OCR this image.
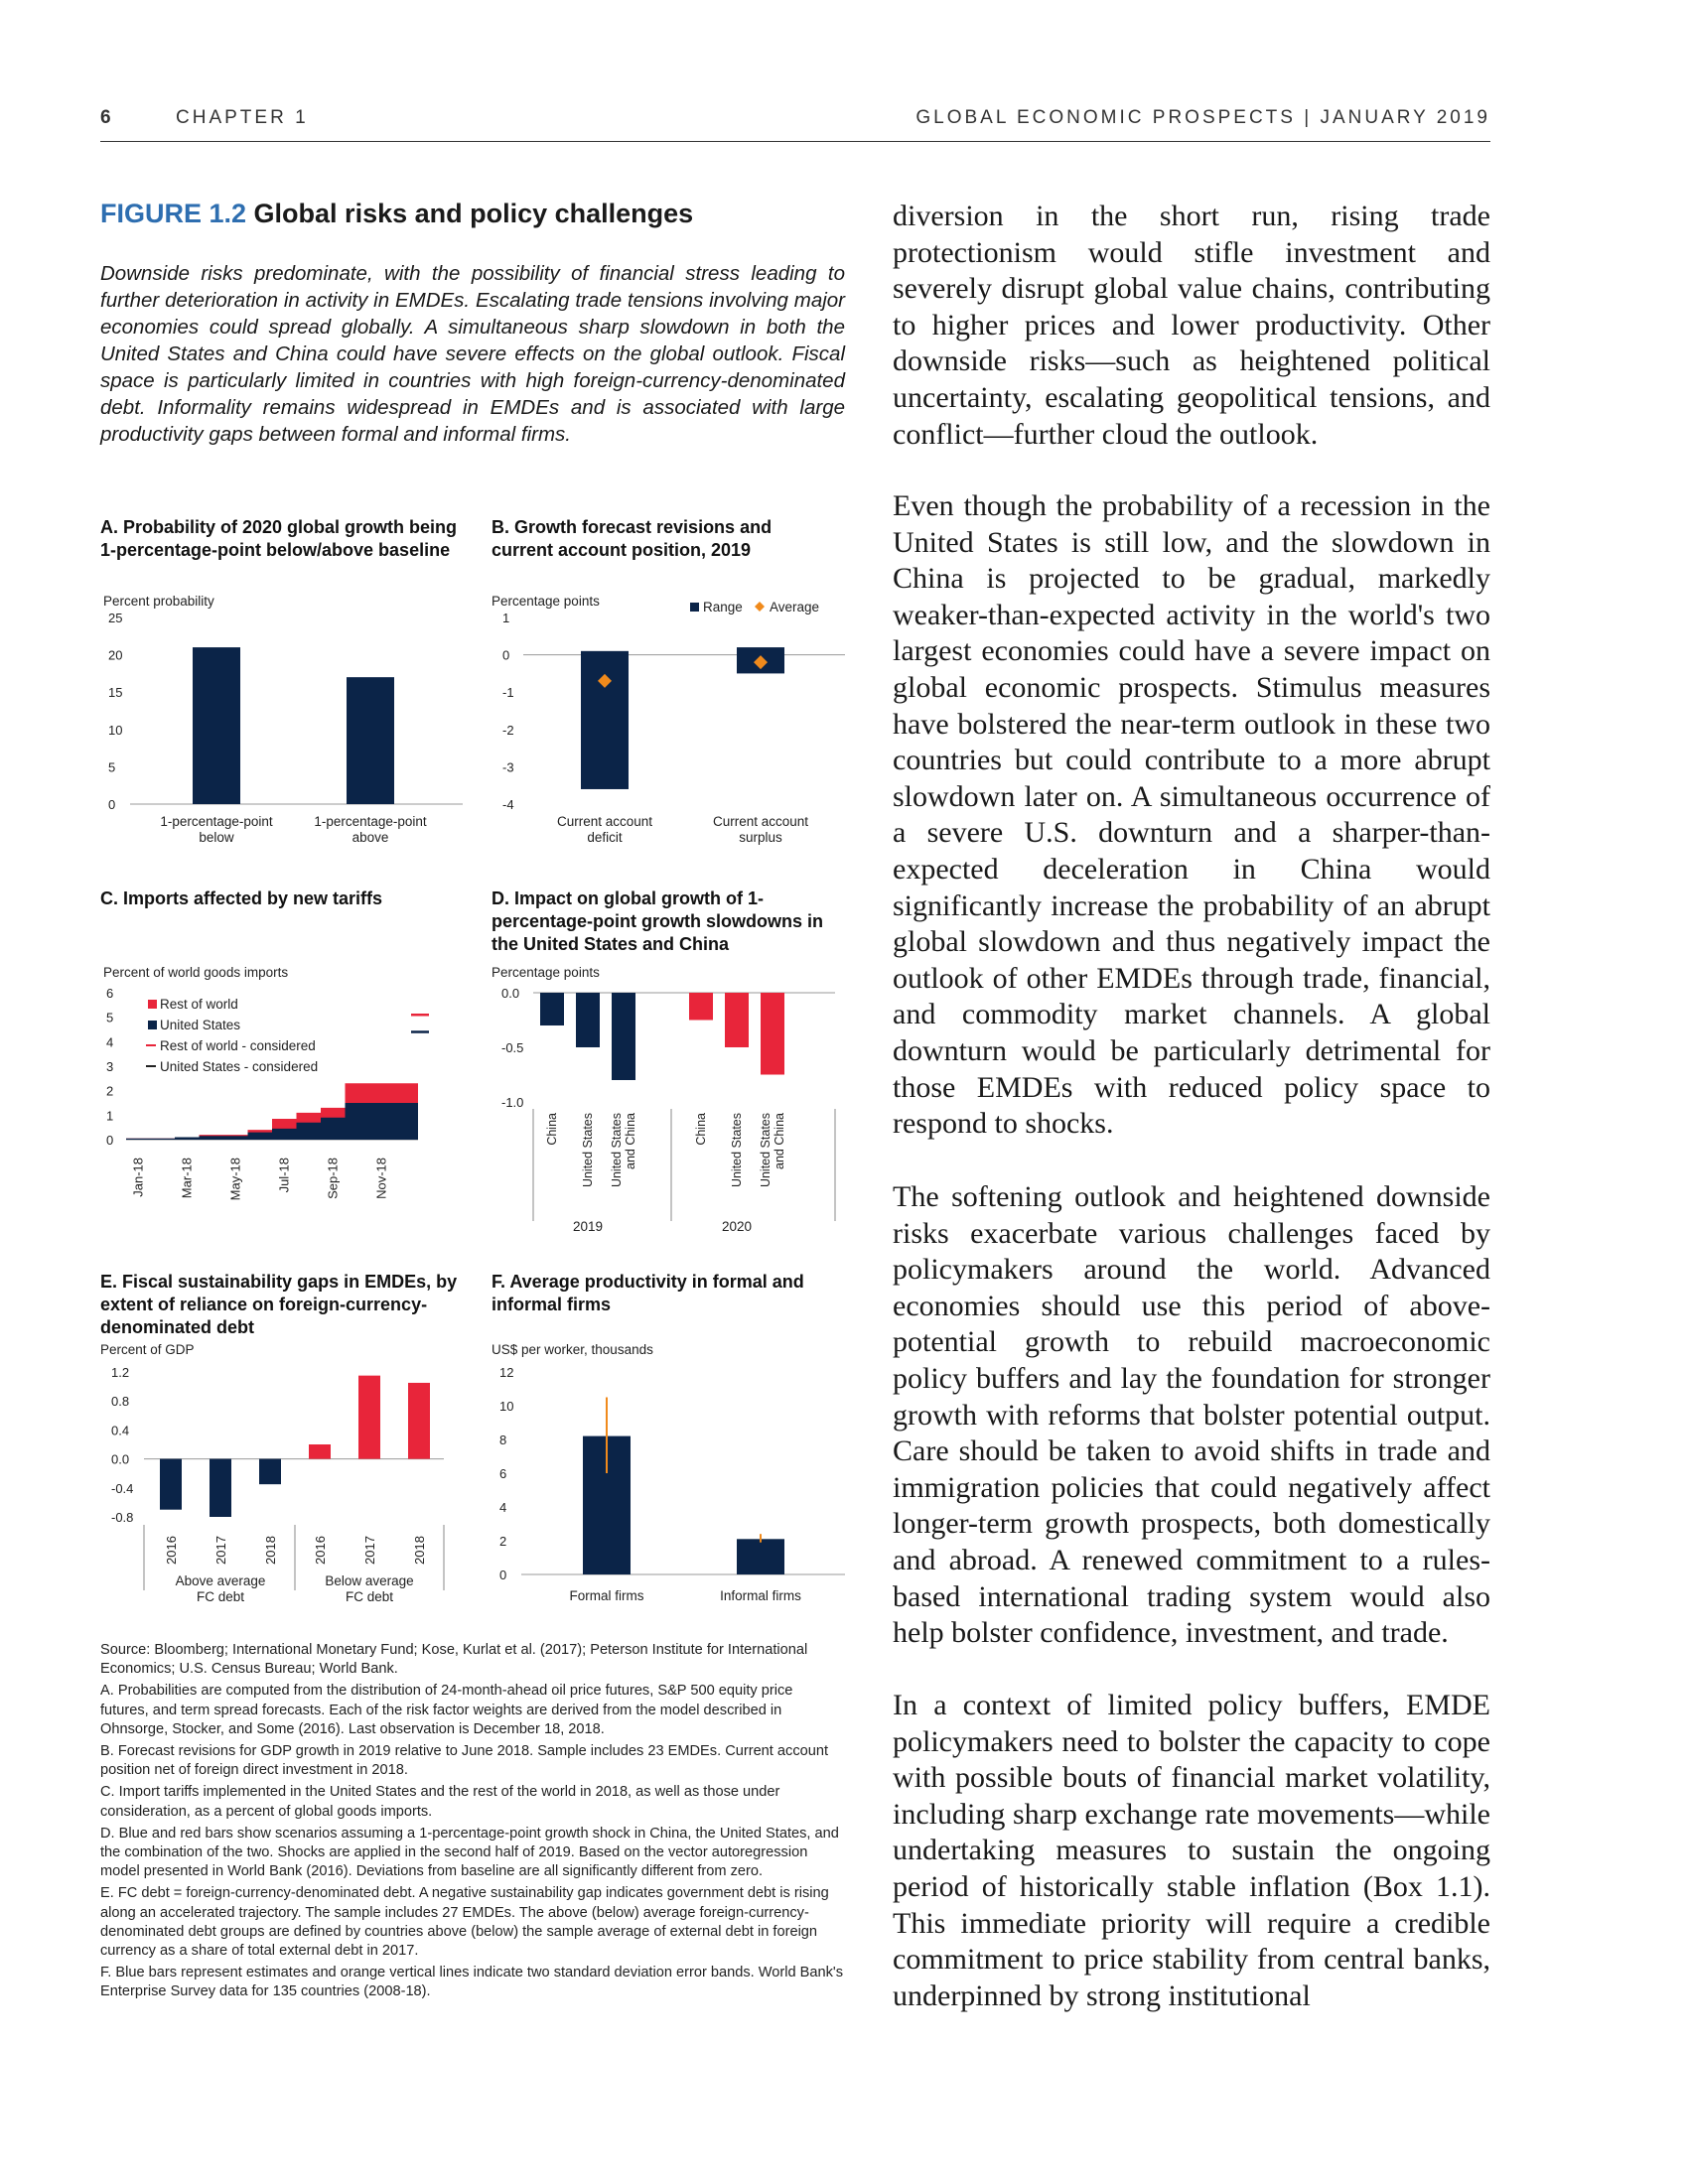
6	CHAPTER 1	GLOBAL ECONOMIC PROSPECTS | JANUARY 2019
FIGURE 1.2 Global risks and policy challenges
Downside risks predominate, with the possibility of financial stress leading to further deterioration in activity in EMDEs. Escalating trade tensions involving major economies could spread globally. A simultaneous sharp slowdown in both the United States and China could have severe effects on the global outlook. Fiscal space is particularly limited in countries with high foreign-currency-denominated debt. Informality remains widespread in EMDEs and is associated with large productivity gaps between formal and informal firms.
A. Probability of 2020 global growth being 1-percentage-point below/above baseline
B. Growth forecast revisions and current account position, 2019
C. Imports affected by new tariffs	D. Impact on global growth of 1-percentage-point growth slowdowns in the United States and China
E. Fiscal sustainability gaps in EMDEs, by extent of reliance on foreign-currency-denominated debt
F. Average productivity in formal and informal firms
Percent probability
0
5
10
15
20
25
1-percentage-point
below
1-percentage-point
above
Percentage points
1
0
-1
-2
-3
-4
Range Average
Current account
deficit
Current account
surplus
Percent of world goods imports
0
1
2
3
4
5
6
Rest of world
United States
Rest of world - considered
United States - considered
Jan-18	Mar-18	May-18	Jul-18	Sep-18	Nov-18
Percentage points
0.0
-0.5
-1.0
China United States United States and China
2019
China United States United States and China
2020
Percent of GDP
1.2
0.8
0.4
0.0
-0.4
-0.8
2016	2017	2018	2016	2017	2018
Above average
FC debt
Below average
FC debt
US$ per worker, thousands
0
2
4
6
8
10
12
Formal firms	Informal firms

Source: Bloomberg; International Monetary Fund; Kose, Kurlat et al. (2017); Peterson Institute for International Economics; U.S. Census Bureau; World Bank.

A. Probabilities are computed from the distribution of 24-month-ahead oil price futures, S&P 500 equity price futures, and term spread forecasts. Each of the risk factor weights are derived from the model described in Ohnsorge, Stocker, and Some (2016). Last observation is December 18, 2018.

B. Forecast revisions for GDP growth in 2019 relative to June 2018. Sample includes 23 EMDEs. Current account position net of foreign direct investment in 2018.

C. Import tariffs implemented in the United States and the rest of the world in 2018, as well as those under consideration, as a percent of global goods imports.

D. Blue and red bars show scenarios assuming a 1-percentage-point growth shock in China, the United States, and the combination of the two. Shocks are applied in the second half of 2019. Based on the vector autoregression model presented in World Bank (2016). Deviations from baseline are all significantly different from zero.

E. FC debt = foreign-currency-denominated debt. A negative sustainability gap indicates government debt is rising along an accelerated trajectory. The sample includes 27 EMDEs. The above (below) average foreign-currency-denominated debt groups are defined by countries above (below) the sample average of external debt in foreign currency as a share of total external debt in 2017.

F. Blue bars represent estimates and orange vertical lines indicate two standard deviation error bands. World Bank's Enterprise Survey data for 135 countries (2008-18).

diversion in the short run, rising trade protectionism would stifle investment and severely disrupt global value chains, contributing to higher prices and lower productivity. Other downside risks—such as heightened political uncertainty, escalating geopolitical tensions, and conflict—further cloud the outlook.

Even though the probability of a recession in the United States is still low, and the slowdown in China is projected to be gradual, markedly weaker-than-expected activity in the world's two largest economies could have a severe impact on global economic prospects. Stimulus measures have bolstered the near-term outlook in these two countries but could contribute to a more abrupt slowdown later on. A simultaneous occurrence of a severe U.S. downturn and a sharper-than-expected deceleration in China would significantly increase the probability of an abrupt global slowdown and thus negatively impact the outlook of other EMDEs through trade, financial, and commodity market channels. A global downturn would be particularly detrimental for those EMDEs with reduced policy space to respond to shocks.

The softening outlook and heightened downside risks exacerbate various challenges faced by policymakers around the world. Advanced economies should use this period of above-potential growth to rebuild macroeconomic policy buffers and lay the foundation for stronger growth with reforms that bolster potential output. Care should be taken to avoid shifts in trade and immigration policies that could negatively affect longer-term growth prospects, both domestically and abroad. A renewed commitment to a rules-based international trading system would also help bolster confidence, investment, and trade.

In a context of limited policy buffers, EMDE policymakers need to bolster the capacity to cope with possible bouts of financial market volatility, including sharp exchange rate movements—while undertaking measures to sustain the ongoing period of historically stable inflation (Box 1.1). This immediate priority will require a credible commitment to price stability from central banks, underpinned by strong institutional
